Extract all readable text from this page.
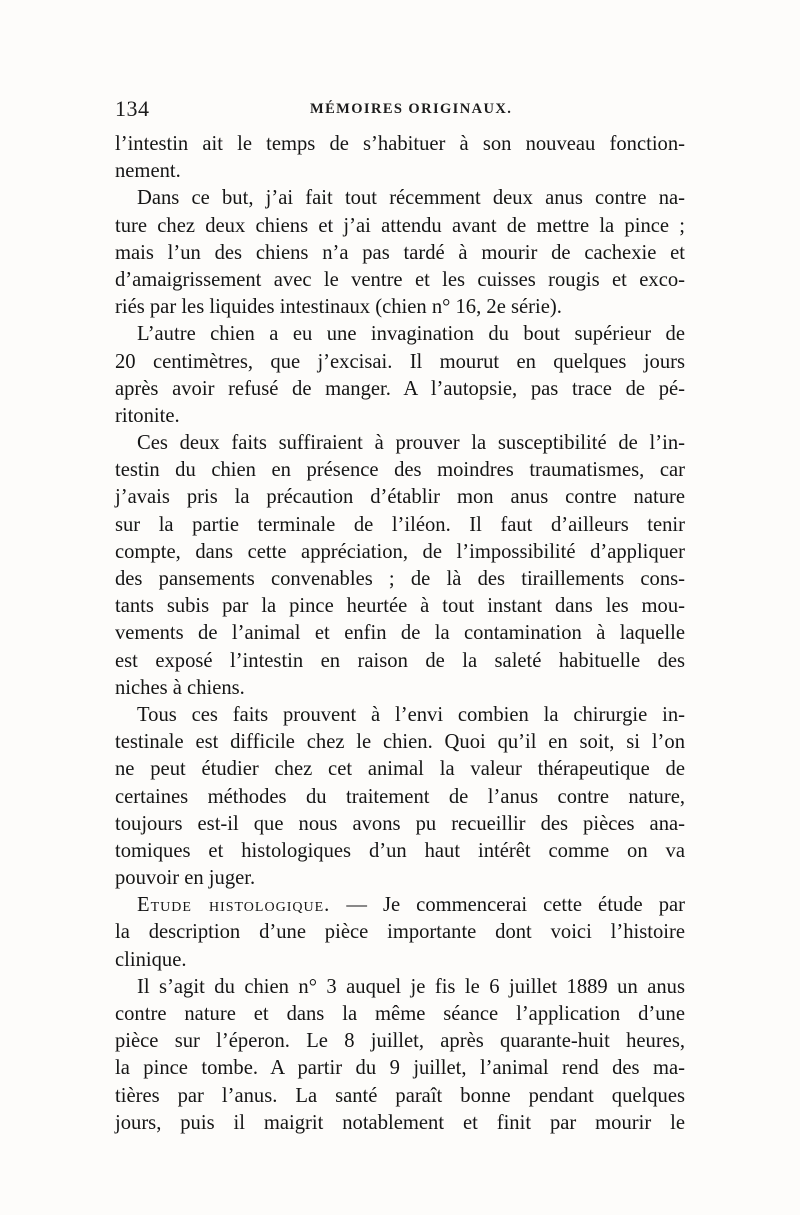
134	MÉMOIRES ORIGINAUX.
l’intestin ait le temps de s’habituer à son nouveau fonction-
nement.
Dans ce but, j’ai fait tout récemment deux anus contre na-
ture chez deux chiens et j’ai attendu avant de mettre la pince ;
mais l’un des chiens n’a pas tardé à mourir de cachexie et
d’amaigrissement avec le ventre et les cuisses rougis et exco-
riés par les liquides intestinaux (chien n° 16, 2e série).
L’autre chien a eu une invagination du bout supérieur de
20 centimètres, que j’excisai. Il mourut en quelques jours
après avoir refusé de manger. A l’autopsie, pas trace de pé-
ritonite.
Ces deux faits suffiraient à prouver la susceptibilité de l’in-
testin du chien en présence des moindres traumatismes, car
j’avais pris la précaution d’établir mon anus contre nature
sur la partie terminale de l’iléon. Il faut d’ailleurs tenir
compte, dans cette appréciation, de l’impossibilité d’appliquer
des pansements convenables ; de là des tiraillements cons-
tants subis par la pince heurtée à tout instant dans les mou-
vements de l’animal et enfin de la contamination à laquelle
est exposé l’intestin en raison de la saleté habituelle des
niches à chiens.
Tous ces faits prouvent à l’envi combien la chirurgie in-
testinale est difficile chez le chien. Quoi qu’il en soit, si l’on
ne peut étudier chez cet animal la valeur thérapeutique de
certaines méthodes du traitement de l’anus contre nature,
toujours est-il que nous avons pu recueillir des pièces ana-
tomiques et histologiques d’un haut intérêt comme on va
pouvoir en juger.
Etude histologique. — Je commencerai cette étude par
la description d’une pièce importante dont voici l’histoire
clinique.
Il s’agit du chien n° 3 auquel je fis le 6 juillet 1889 un anus
contre nature et dans la même séance l’application d’une
pièce sur l’éperon. Le 8 juillet, après quarante-huit heures,
la pince tombe. A partir du 9 juillet, l’animal rend des ma-
tières par l’anus. La santé paraît bonne pendant quelques
jours, puis il maigrit notablement et finit par mourir le
